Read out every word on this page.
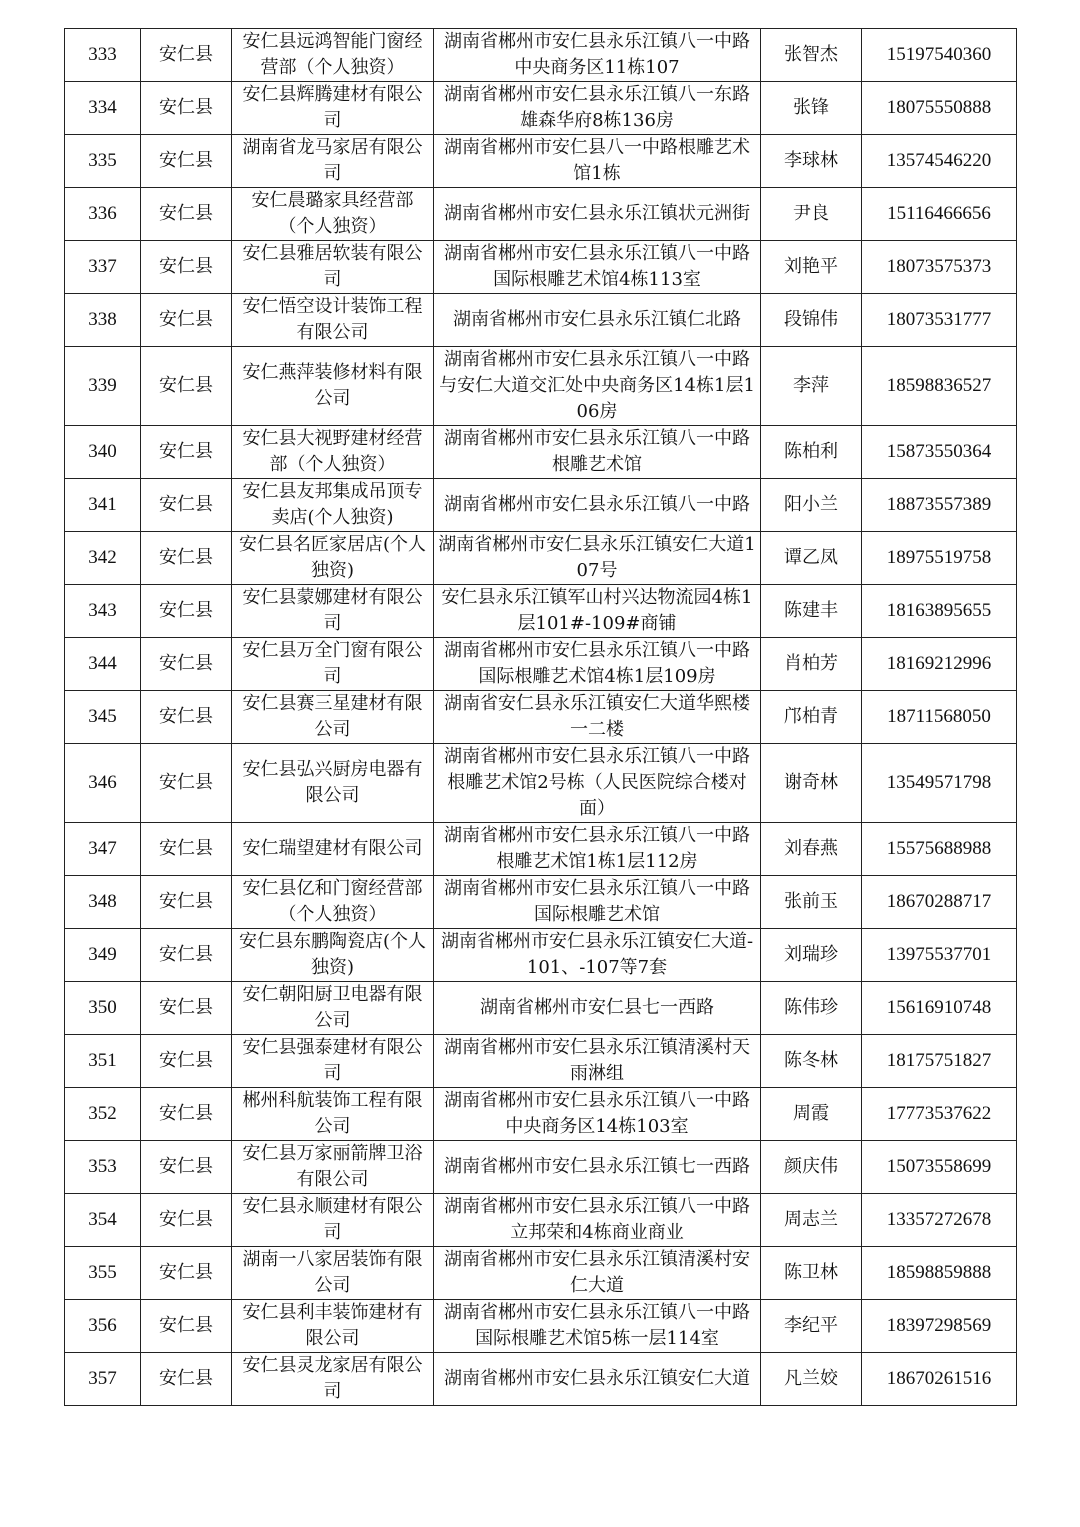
333	安仁县	安仁县远鸿智能门窗经营部（个人独资）	湖南省郴州市安仁县永乐江镇八一中路中央商务区11栋107	张智杰	15197540360
334	安仁县	安仁县辉腾建材有限公司	湖南省郴州市安仁县永乐江镇八一东路雄森华府8栋136房	张锋	18075550888
335	安仁县	湖南省龙马家居有限公司	湖南省郴州市安仁县八一中路根雕艺术馆1栋	李球林	13574546220
336	安仁县	安仁晨璐家具经营部（个人独资）	湖南省郴州市安仁县永乐江镇状元洲街	尹良	15116466656
337	安仁县	安仁县雅居软装有限公司	湖南省郴州市安仁县永乐江镇八一中路国际根雕艺术馆4栋113室	刘艳平	18073575373
338	安仁县	安仁悟空设计装饰工程有限公司	湖南省郴州市安仁县永乐江镇仁北路	段锦伟	18073531777
339	安仁县	安仁燕萍装修材料有限公司	湖南省郴州市安仁县永乐江镇八一中路与安仁大道交汇处中央商务区14栋1层106房	李萍	18598836527
340	安仁县	安仁县大视野建材经营部（个人独资）	湖南省郴州市安仁县永乐江镇八一中路根雕艺术馆	陈柏利	15873550364
341	安仁县	安仁县友邦集成吊顶专卖店(个人独资)	湖南省郴州市安仁县永乐江镇八一中路	阳小兰	18873557389
342	安仁县	安仁县名匠家居店(个人独资)	湖南省郴州市安仁县永乐江镇安仁大道107号	谭乙凤	18975519758
343	安仁县	安仁县蒙娜建材有限公司	安仁县永乐江镇军山村兴达物流园4栋1层101#-109#商铺	陈建丰	18163895655
344	安仁县	安仁县万全门窗有限公司	湖南省郴州市安仁县永乐江镇八一中路国际根雕艺术馆4栋1层109房	肖柏芳	18169212996
345	安仁县	安仁县赛三星建材有限公司	湖南省安仁县永乐江镇安仁大道华熙楼一二楼	邝柏青	18711568050
346	安仁县	安仁县弘兴厨房电器有限公司	湖南省郴州市安仁县永乐江镇八一中路根雕艺术馆2号栋（人民医院综合楼对面）	谢奇林	13549571798
347	安仁县	安仁瑞望建材有限公司	湖南省郴州市安仁县永乐江镇八一中路根雕艺术馆1栋1层112房	刘春燕	15575688988
348	安仁县	安仁县亿和门窗经营部（个人独资）	湖南省郴州市安仁县永乐江镇八一中路国际根雕艺术馆	张前玉	18670288717
349	安仁县	安仁县东鹏陶瓷店(个人独资)	湖南省郴州市安仁县永乐江镇安仁大道-101、-107等7套	刘瑞珍	13975537701
350	安仁县	安仁朝阳厨卫电器有限公司	湖南省郴州市安仁县七一西路	陈伟珍	15616910748
351	安仁县	安仁县强泰建材有限公司	湖南省郴州市安仁县永乐江镇清溪村天雨淋组	陈冬林	18175751827
352	安仁县	郴州科航装饰工程有限公司	湖南省郴州市安仁县永乐江镇八一中路中央商务区14栋103室	周霞	17773537622
353	安仁县	安仁县万家丽箭牌卫浴有限公司	湖南省郴州市安仁县永乐江镇七一西路	颜庆伟	15073558699
354	安仁县	安仁县永顺建材有限公司	湖南省郴州市安仁县永乐江镇八一中路立邦荣和4栋商业商业	周志兰	13357272678
355	安仁县	湖南一八家居装饰有限公司	湖南省郴州市安仁县永乐江镇清溪村安仁大道	陈卫林	18598859888
356	安仁县	安仁县利丰装饰建材有限公司	湖南省郴州市安仁县永乐江镇八一中路国际根雕艺术馆5栋一层114室	李纪平	18397298569
357	安仁县	安仁县灵龙家居有限公司	湖南省郴州市安仁县永乐江镇安仁大道	凡兰姣	18670261516
